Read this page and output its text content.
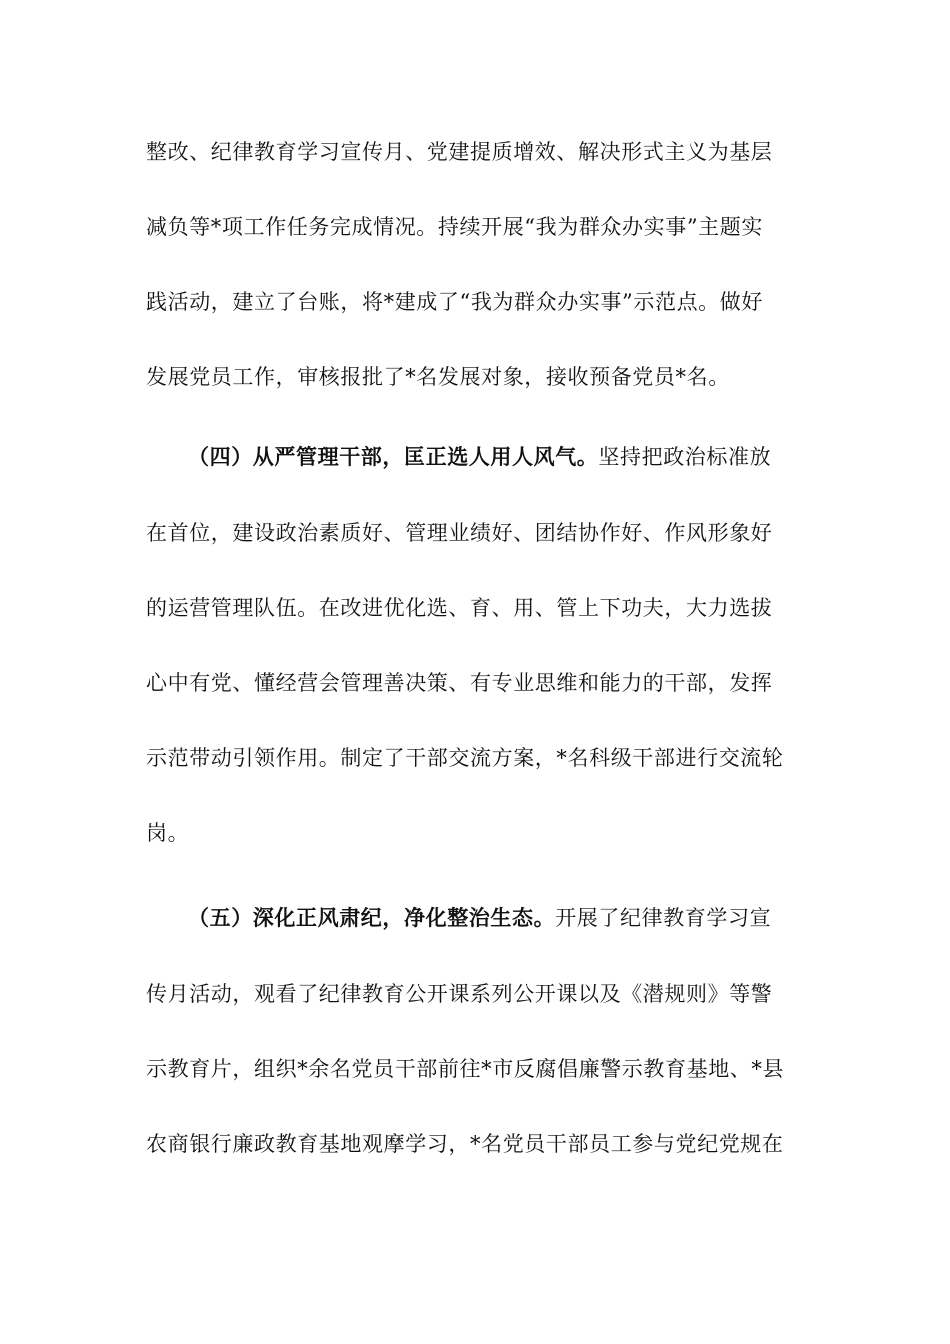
整改、纪律教育学习宣传月、党建提质增效、解决形式主义为基层
减负等*项工作任务完成情况。持续开展“我为群众办实事”主题实
践活动，建立了台账，将*建成了“我为群众办实事”示范点。做好
发展党员工作，审核报批了*名发展对象，接收预备党员*名。
（四）从严管理干部，匡正选人用人风气。坚持把政治标准放
在首位，建设政治素质好、管理业绩好、团结协作好、作风形象好
的运营管理队伍。在改进优化选、育、用、管上下功夫，大力选拔
心中有党、懂经营会管理善决策、有专业思维和能力的干部，发挥
示范带动引领作用。制定了干部交流方案，*名科级干部进行交流轮
岗。
（五）深化正风肃纪，净化整治生态。开展了纪律教育学习宣
传月活动，观看了纪律教育公开课系列公开课以及《潜规则》等警
示教育片，组织*余名党员干部前往*市反腐倡廉警示教育基地、*县
农商银行廉政教育基地观摩学习，*名党员干部员工参与党纪党规在
